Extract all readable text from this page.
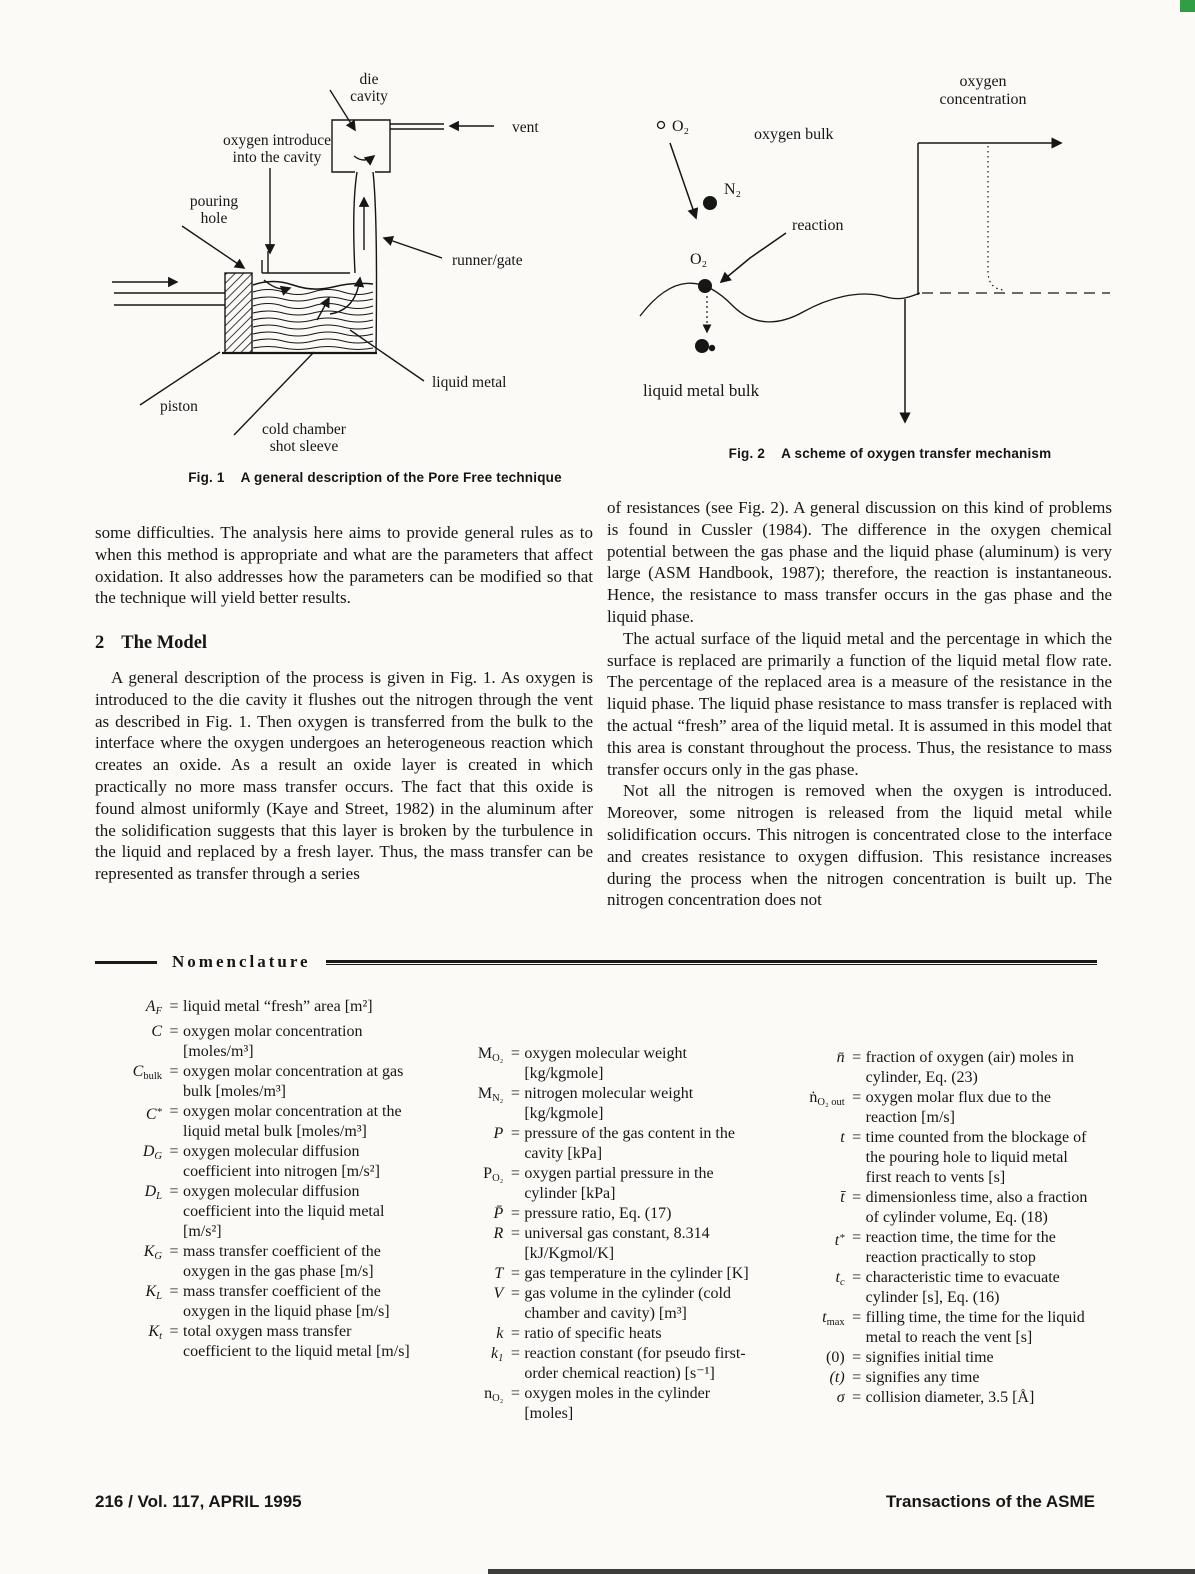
die
cavity
vent
oxygen introduce
into the cavity
pouring
hole
runner/gate
liquid metal
piston
cold chamber
shot sleeve
Fig. 1 A general description of the Pore Free technique
oxygen
concentration
O₂	oxygen bulk
N₂
reaction
O₂
liquid metal bulk
Fig. 2 A scheme of oxygen transfer mechanism

some difficulties. The analysis here aims to provide general rules as to when this method is appropriate and what are the parameters that affect oxidation. It also addresses how the parameters can be modified so that the technique will yield better results.

2 The Model

A general description of the process is given in Fig. 1. As oxygen is introduced to the die cavity it flushes out the nitrogen through the vent as described in Fig. 1. Then oxygen is transferred from the bulk to the interface where the oxygen undergoes an heterogeneous reaction which creates an oxide. As a result an oxide layer is created in which practically no more mass transfer occurs. The fact that this oxide is found almost uniformly (Kaye and Street, 1982) in the aluminum after the solidification suggests that this layer is broken by the turbulence in the liquid and replaced by a fresh layer. Thus, the mass transfer can be represented as transfer through a series

of resistances (see Fig. 2). A general discussion on this kind of problems is found in Cussler (1984). The difference in the oxygen chemical potential between the gas phase and the liquid phase (aluminum) is very large (ASM Handbook, 1987); therefore, the reaction is instantaneous. Hence, the resistance to mass transfer occurs in the gas phase and the liquid phase.

The actual surface of the liquid metal and the percentage in which the surface is replaced are primarily a function of the liquid metal flow rate. The percentage of the replaced area is a measure of the resistance in the liquid phase. The liquid phase resistance to mass transfer is replaced with the actual “fresh” area of the liquid metal. It is assumed in this model that this area is constant throughout the process. Thus, the resistance to mass transfer occurs only in the gas phase.

Not all the nitrogen is removed when the oxygen is introduced. Moreover, some nitrogen is released from the liquid metal while solidification occurs. This nitrogen is concentrated close to the interface and creates resistance to oxygen diffusion. This resistance increases during the process when the nitrogen concentration is built up. The nitrogen concentration does not

Nomenclature
$A_F$ = liquid metal “fresh” area [m²]
C = oxygen molar concentration [moles/m³]
$C_{bulk}$ = oxygen molar concentration at gas bulk [moles/m³]
C* = oxygen molar concentration at the liquid metal bulk [moles/m³]
$D_G$ = oxygen molecular diffusion coefficient into nitrogen [m/s²]
$D_L$ = oxygen molecular diffusion coefficient into the liquid metal [m/s²]
$K_G$ = mass transfer coefficient of the oxygen in the gas phase [m/s]
$K_L$ = mass transfer coefficient of the oxygen in the liquid phase [m/s]
$K_t$ = total oxygen mass transfer coefficient to the liquid metal [m/s]
$M_{O_2}$ = oxygen molecular weight [kg/kgmole]
$M_{N_2}$ = nitrogen molecular weight [kg/kgmole]
P = pressure of the gas content in the cavity [kPa]
$P_{O_2}$ = oxygen partial pressure in the cylinder [kPa]
P̄ = pressure ratio, Eq. (17)
R = universal gas constant, 8.314 [kJ/Kgmol/K]
T = gas temperature in the cylinder [K]
V = gas volume in the cylinder (cold chamber and cavity) [m³]
k = ratio of specific heats
$k_1$ = reaction constant (for pseudo first-order chemical reaction) [s⁻¹]
$n_{O_2}$ = oxygen moles in the cylinder [moles]
n̄ = fraction of oxygen (air) moles in cylinder, Eq. (23)
ṅ$_{O_2 out}$ = oxygen molar flux due to the reaction [m/s]
t = time counted from the blockage of the pouring hole to liquid metal first reach to vents [s]
t̄ = dimensionless time, also a fraction of cylinder volume, Eq. (18)
t* = reaction time, the time for the reaction practically to stop
$t_c$ = characteristic time to evacuate cylinder [s], Eq. (16)
$t_{max}$ = filling time, the time for the liquid metal to reach the vent [s]
(0) = signifies initial time
(t) = signifies any time
σ = collision diameter, 3.5 [Å]
216 / Vol. 117, APRIL 1995	Transactions of the ASME
